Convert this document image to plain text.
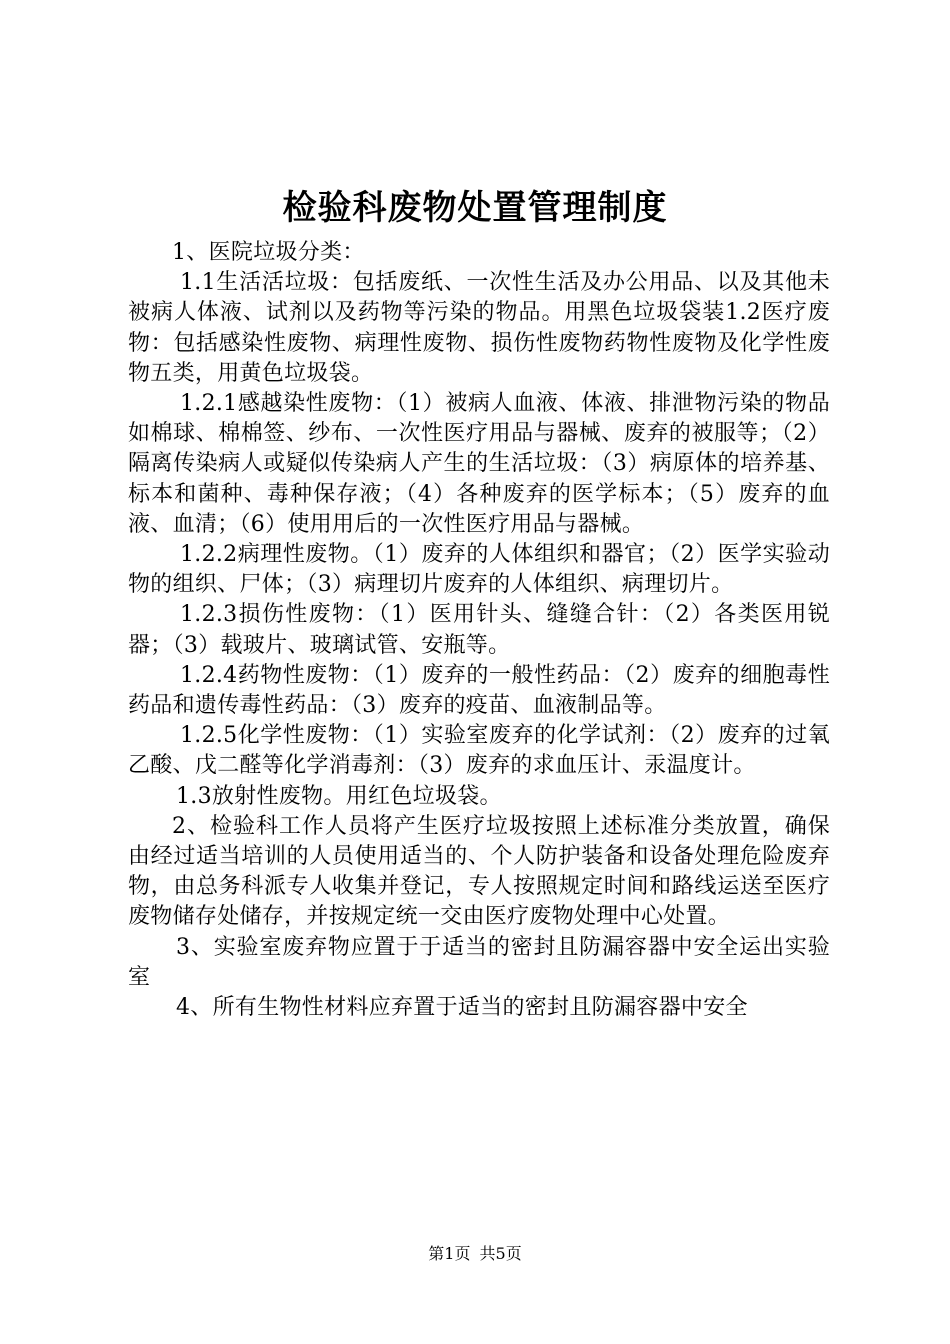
检验科废物处置管理制度

1、医院垃圾分类：

1.1生活活垃圾：包括废纸、一次性生活及办公用品、以及其他未被病人体液、试剂以及药物等污染的物品。用黑色垃圾袋装1.2医疗废物：包括感染性废物、病理性废物、损伤性废物药物性废物及化学性废物五类，用黄色垃圾袋。

1.2.1感越染性废物：（1）被病人血液、体液、排泄物污染的物品如棉球、棉棉签、纱布、一次性医疗用品与器械、废弃的被服等；（2）隔离传染病人或疑似传染病人产生的生活垃圾：（3）病原体的培养基、标本和菌种、毒种保存液；（4）各种废弃的医学标本；（5）废弃的血液、血清；（6）使用用后的一次性医疗用品与器械。

1.2.2病理性废物。（1）废弃的人体组织和器官；（2）医学实验动物的组织、尸体；（3）病理切片废弃的人体组织、病理切片。

1.2.3损伤性废物：（1）医用针头、缝缝合针：（2）各类医用锐器；（3）载玻片、玻璃试管、安瓶等。

1.2.4药物性废物：（1）废弃的一般性药品：（2）废弃的细胞毒性药品和遗传毒性药品：（3）废弃的疫苗、血液制品等。

1.2.5化学性废物：（1）实验室废弃的化学试剂：（2）废弃的过氧乙酸、戊二醛等化学消毒剂：（3）废弃的求血压计、汞温度计。

1.3放射性废物。用红色垃圾袋。

2、检验科工作人员将产生医疗垃圾按照上述标准分类放置，确保由经过适当培训的人员使用适当的、个人防护装备和设备处理危险废弃物，由总务科派专人收集并登记，专人按照规定时间和路线运送至医疗废物储存处储存，并按规定统一交由医疗废物处理中心处置。

3、实验室废弃物应置于于适当的密封且防漏容器中安全运出实验室

4、所有生物性材料应弃置于适当的密封且防漏容器中安全

第1页 共5页
